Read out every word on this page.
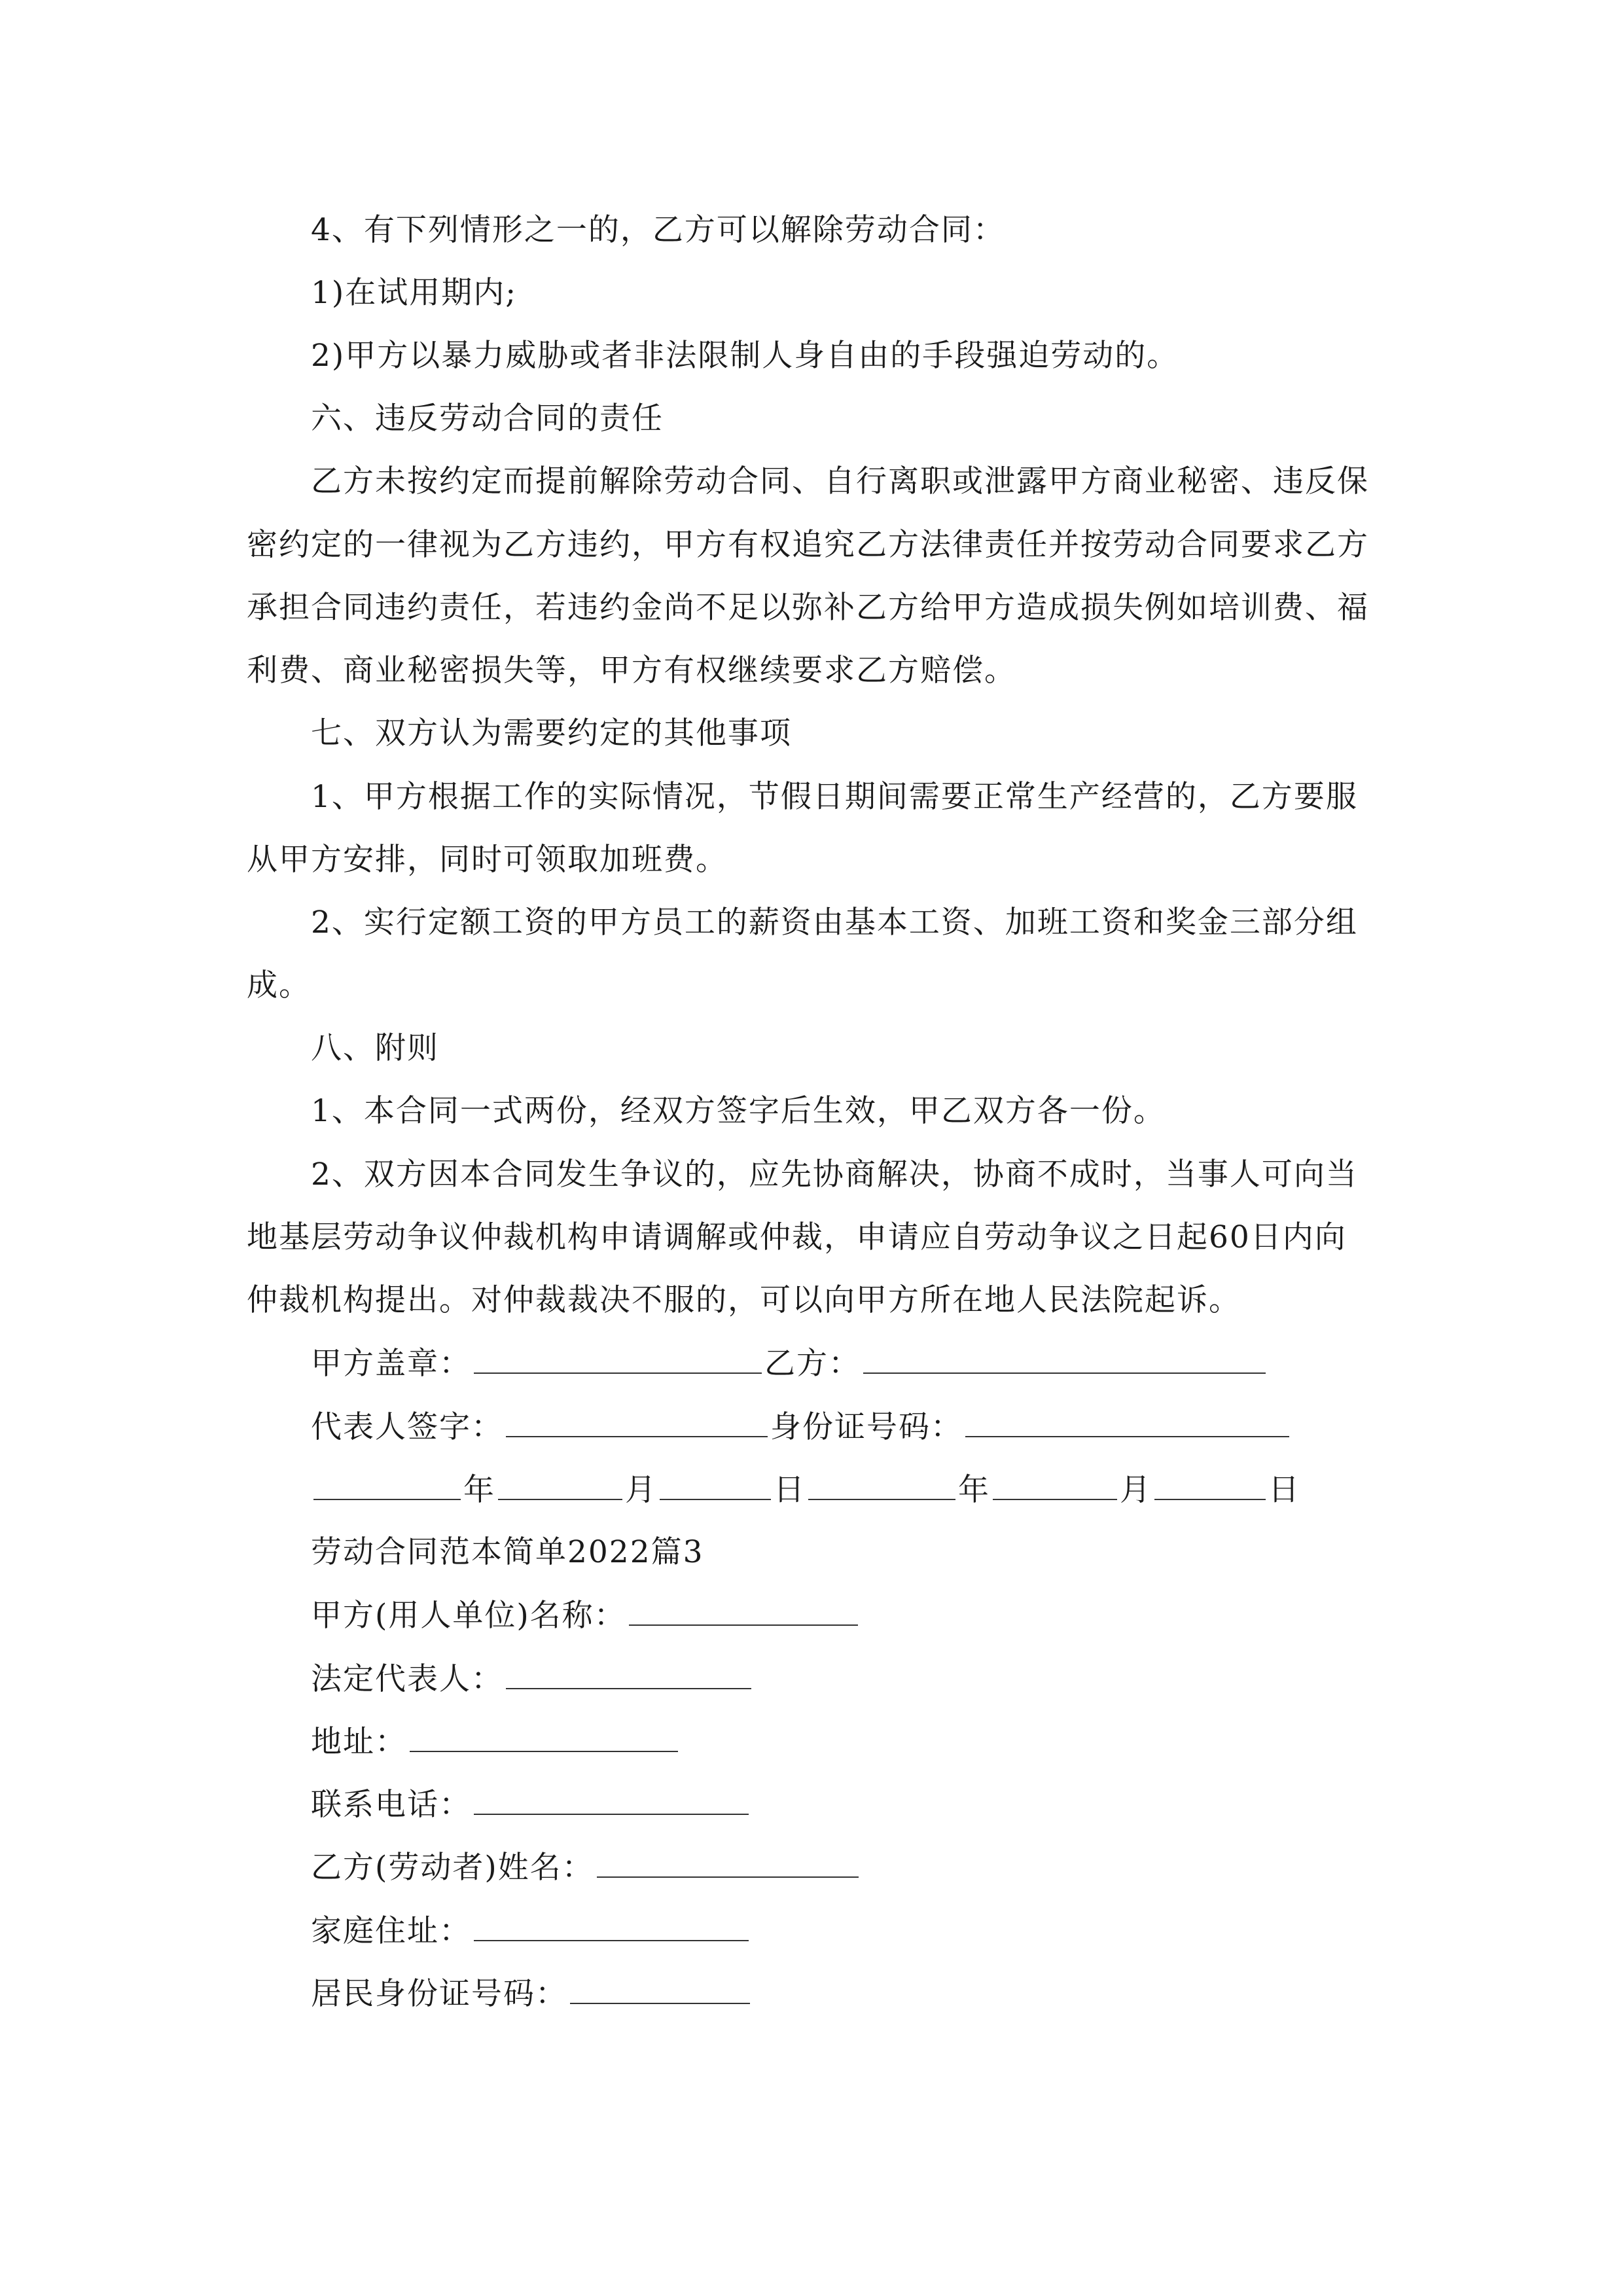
4、有下列情形之一的，乙方可以解除劳动合同：
1)在试用期内;
2)甲方以暴力威胁或者非法限制人身自由的手段强迫劳动的。
六、违反劳动合同的责任
乙方未按约定而提前解除劳动合同、自行离职或泄露甲方商业秘密、违反保
密约定的一律视为乙方违约，甲方有权追究乙方法律责任并按劳动合同要求乙方
承担合同违约责任，若违约金尚不足以弥补乙方给甲方造成损失例如培训费、福
利费、商业秘密损失等，甲方有权继续要求乙方赔偿。
七、双方认为需要约定的其他事项
1、甲方根据工作的实际情况，节假日期间需要正常生产经营的，乙方要服
从甲方安排，同时可领取加班费。
2、实行定额工资的甲方员工的薪资由基本工资、加班工资和奖金三部分组
成。
八、附则
1、本合同一式两份，经双方签字后生效，甲乙双方各一份。
2、双方因本合同发生争议的，应先协商解决，协商不成时，当事人可向当
地基层劳动争议仲裁机构申请调解或仲裁，申请应自劳动争议之日起60日内向
仲裁机构提出。对仲裁裁决不服的，可以向甲方所在地人民法院起诉。
甲方盖章：	乙方：
代表人签字：	身份证号码：
年	月	日	年	月	日
劳动合同范本简单2022篇3
甲方(用人单位)名称：
法定代表人：
地址：
联系电话：
乙方(劳动者)姓名：
家庭住址：
居民身份证号码：
